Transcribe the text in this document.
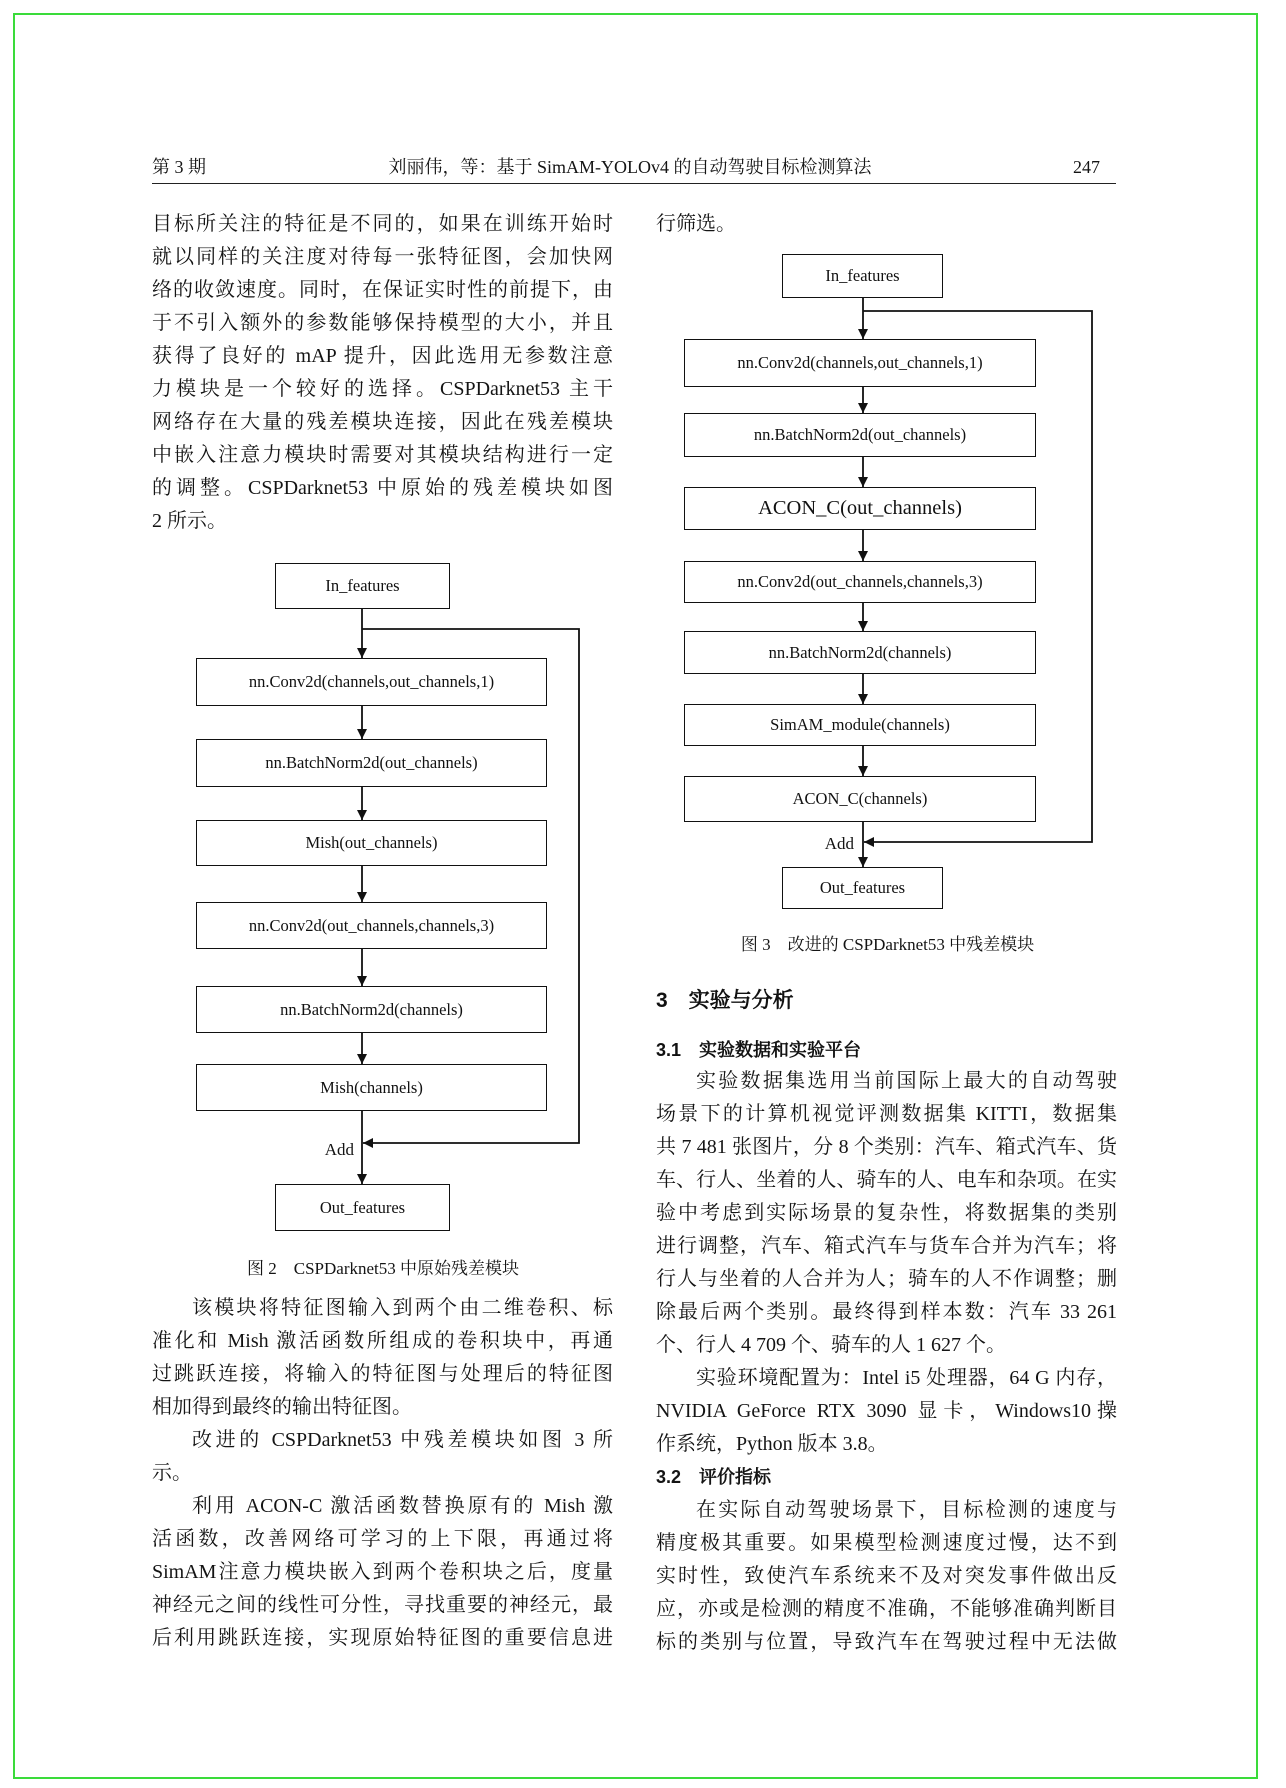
第 3 期	刘丽伟，等：基于 SimAM-YOLOv4 的自动驾驶目标检测算法	247
目标所关注的特征是不同的，如果在训练开始时
就以同样的关注度对待每一张特征图，会加快网
络的收敛速度。同时，在保证实时性的前提下，由
于不引入额外的参数能够保持模型的大小，并且
获得了良好的 mAP 提升，因此选用无参数注意
力模块是一个较好的选择。CSPDarknet53 主干
网络存在大量的残差模块连接，因此在残差模块
中嵌入注意力模块时需要对其模块结构进行一定
的调整。CSPDarknet53 中原始的残差模块如图
2 所示。
In_features
nn.Conv2d(channels,out_channels,1)
nn.BatchNorm2d(out_channels)
Mish(out_channels)
nn.Conv2d(out_channels,channels,3)
nn.BatchNorm2d(channels)
Mish(channels)
Add
Out_features
图 2　CSPDarknet53 中原始残差模块
该模块将特征图输入到两个由二维卷积、标
准化和 Mish 激活函数所组成的卷积块中，再通
过跳跃连接，将输入的特征图与处理后的特征图
相加得到最终的输出特征图。
改进的 CSPDarknet53 中残差模块如图 3 所
示。
利用 ACON-C 激活函数替换原有的 Mish 激
活函数，改善网络可学习的上下限，再通过将
SimAM注意力模块嵌入到两个卷积块之后，度量
神经元之间的线性可分性，寻找重要的神经元，最
后利用跳跃连接，实现原始特征图的重要信息进
行筛选。
In_features
nn.Conv2d(channels,out_channels,1)
nn.BatchNorm2d(out_channels)
ACON_C(out_channels)
nn.Conv2d(out_channels,channels,3)
nn.BatchNorm2d(channels)
SimAM_module(channels)
ACON_C(channels)
Add
Out_features
图 3　改进的 CSPDarknet53 中残差模块
3　实验与分析
3.1　实验数据和实验平台
实验数据集选用当前国际上最大的自动驾驶
场景下的计算机视觉评测数据集 KITTI，数据集
共 7 481 张图片，分 8 个类别：汽车、箱式汽车、货
车、行人、坐着的人、骑车的人、电车和杂项。在实
验中考虑到实际场景的复杂性，将数据集的类别
进行调整，汽车、箱式汽车与货车合并为汽车；将
行人与坐着的人合并为人；骑车的人不作调整；删
除最后两个类别。最终得到样本数：汽车 33 261
个、行人 4 709 个、骑车的人 1 627 个。
实验环境配置为：Intel i5 处理器，64 G 内存，
NVIDIA GeForce RTX 3090 显卡，Windows10操
作系统，Python 版本 3.8。
3.2　评价指标
在实际自动驾驶场景下，目标检测的速度与
精度极其重要。如果模型检测速度过慢，达不到
实时性，致使汽车系统来不及对突发事件做出反
应，亦或是检测的精度不准确，不能够准确判断目
标的类别与位置，导致汽车在驾驶过程中无法做
